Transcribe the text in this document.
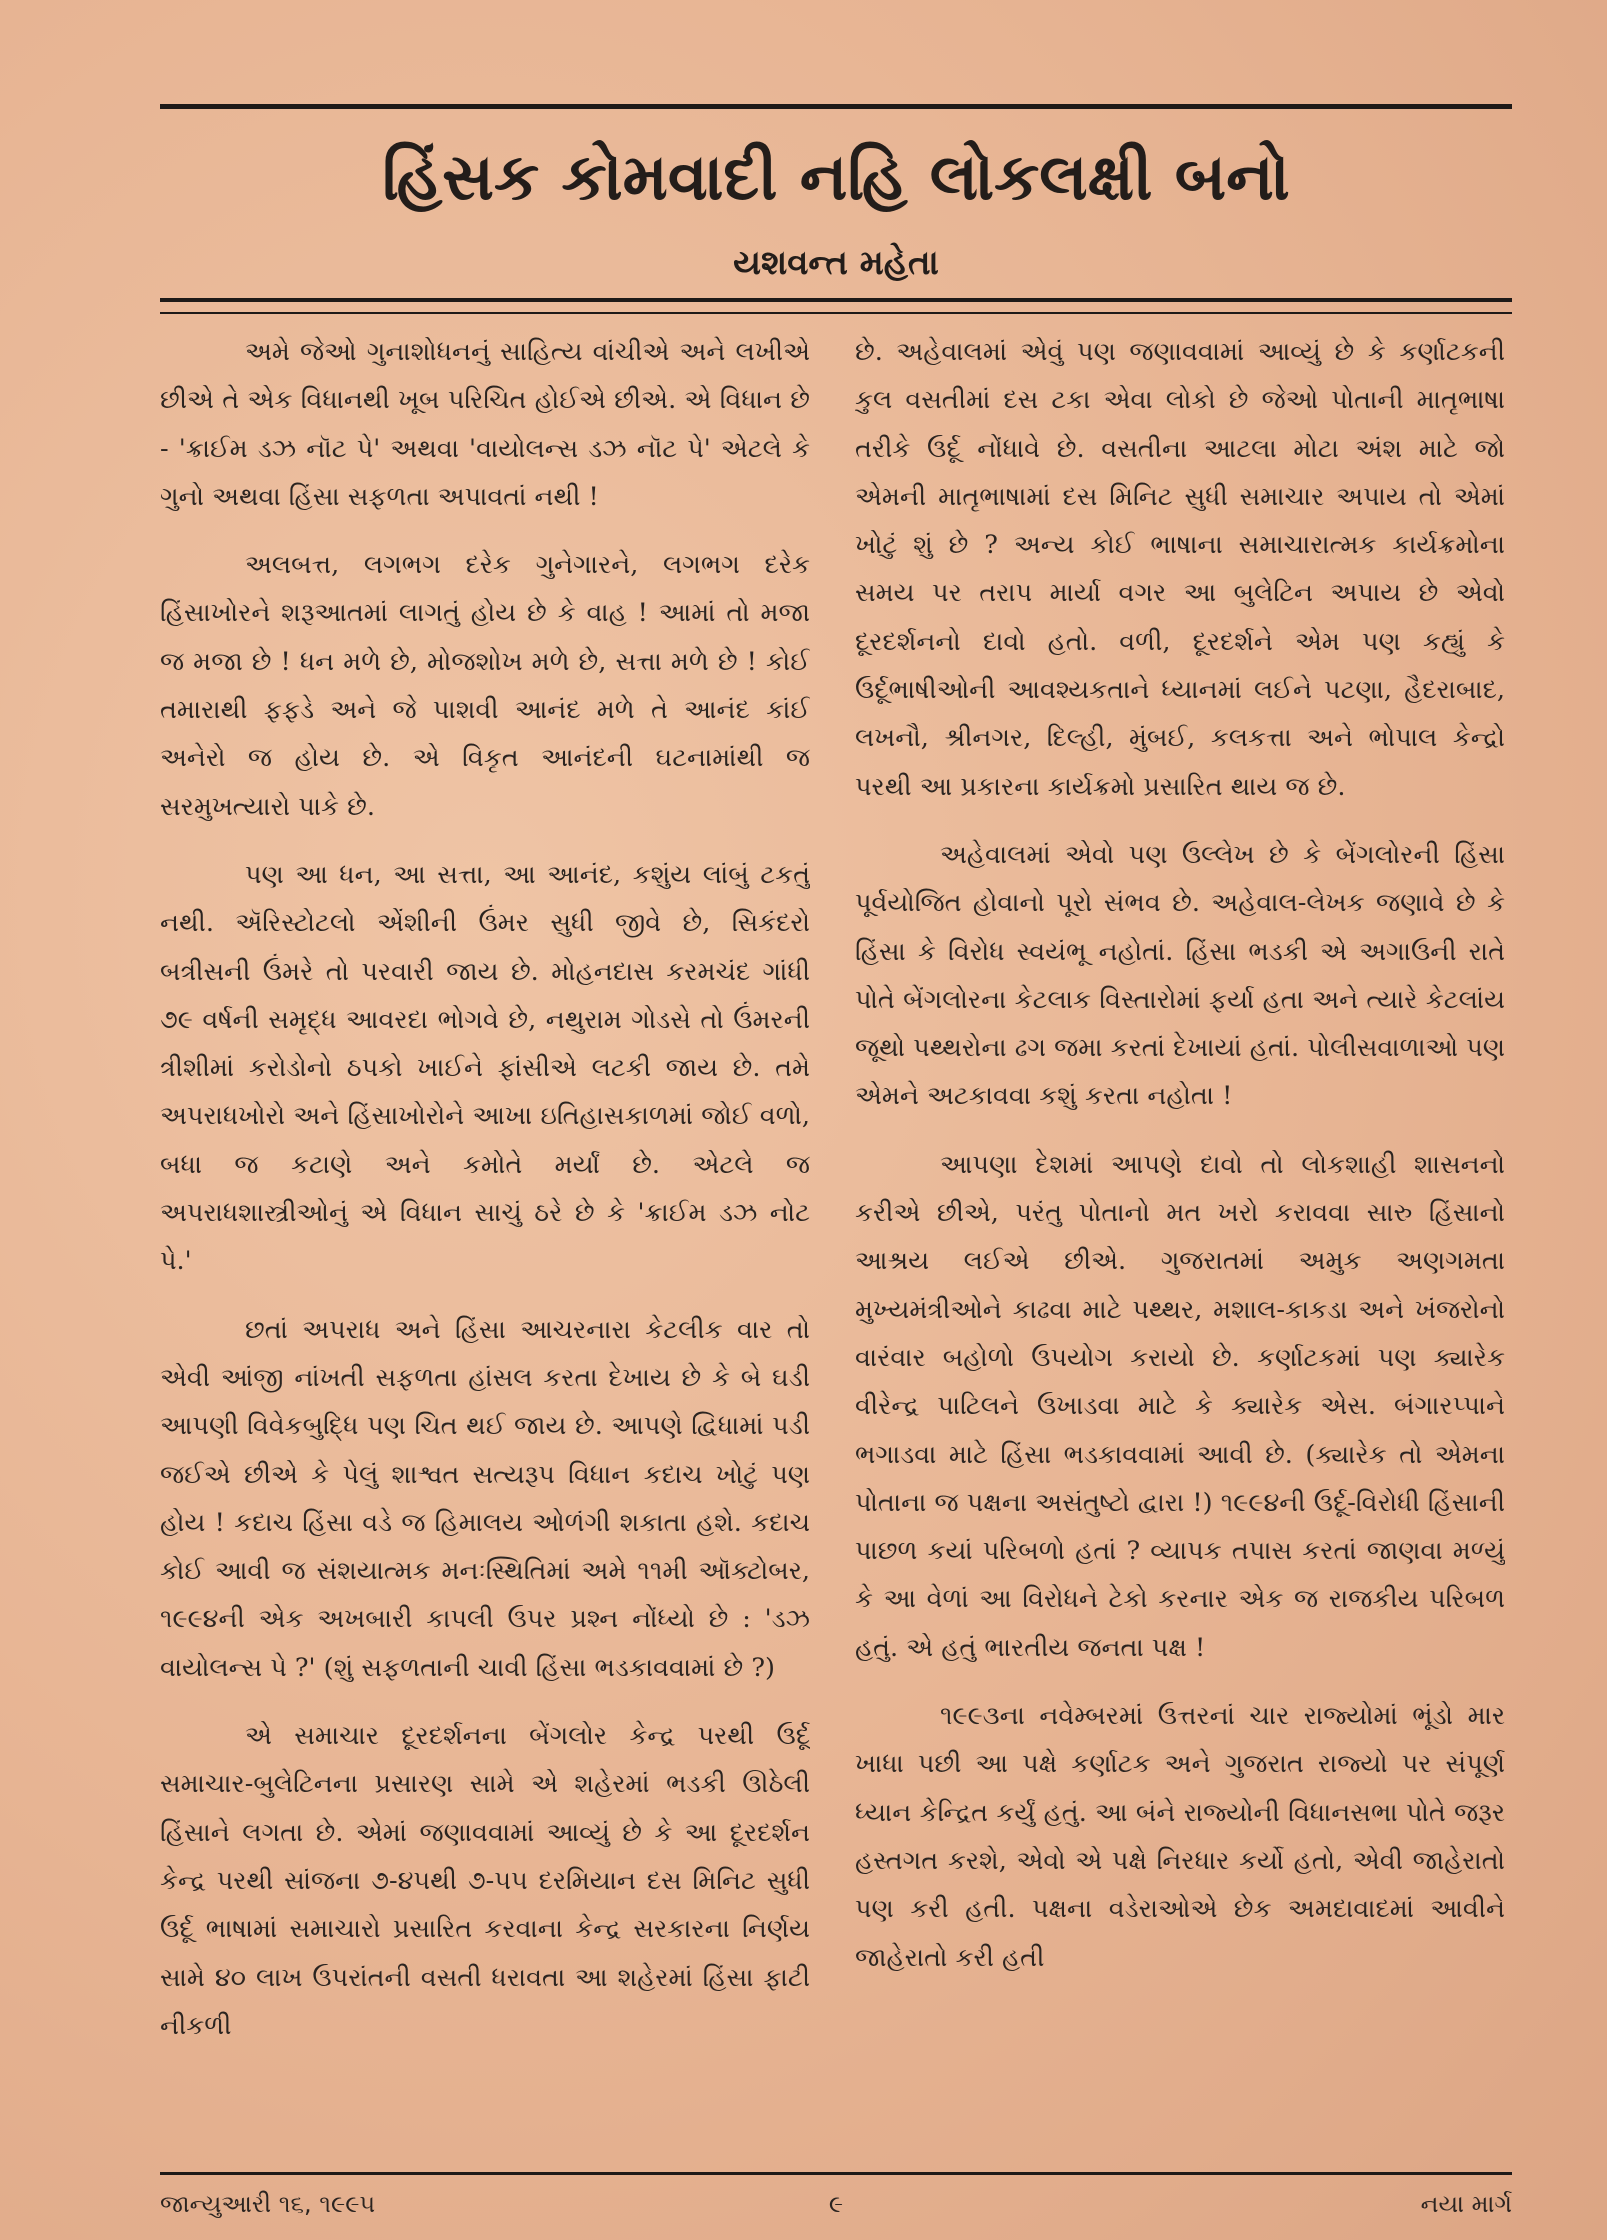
હિંસક કોમવાદી નહિ લોકલક્ષી બનો
યશવન્ત મહેતા

અમે જેઓ ગુનાશોધનનું સાહિત્ય વાંચીએ અને લખીએ છીએ તે એક વિધાનથી ખૂબ પરિચિત હોઈએ છીએ. એ વિધાન છે - 'ક્રાઈમ ડઝ નૉટ પે' અથવા 'વાયોલન્સ ડઝ નૉટ પે' એટલે કે ગુનો અથવા હિંસા સફળતા અપાવતાં નથી !

અલબત્ત, લગભગ દરેક ગુનેગારને, લગભગ દરેક હિંસાખોરને શરૂઆતમાં લાગતું હોય છે કે વાહ ! આમાં તો મજા જ મજા છે ! ધન મળે છે, મોજશોખ મળે છે, સત્તા મળે છે ! કોઈ તમારાથી ફફડે અને જે પાશવી આનંદ મળે તે આનંદ કાંઈ અનેરો જ હોય છે. એ વિકૃત આનંદની ઘટનામાંથી જ સરમુખત્યારો પાકે છે.

પણ આ ધન, આ સત્તા, આ આનંદ, કશુંય લાંબું ટકતું નથી. ઍરિસ્ટોટલો એંશીની ઉંમર સુધી જીવે છે, સિકંદરો બત્રીસની ઉંમરે તો પરવારી જાય છે. મોહનદાસ કરમચંદ ગાંધી ૭૯ વર્ષની સમૃદ્ધ આવરદા ભોગવે છે, નથુરામ ગોડસે તો ઉંમરની ત્રીશીમાં કરોડોનો ઠપકો ખાઈને ફાંસીએ લટકી જાય છે. તમે અપરાધખોરો અને હિંસાખોરોને આખા ઇતિહાસકાળમાં જોઈ વળો, બધા જ કટાણે અને કમોતે મર્યાં છે. એટલે જ અપરાધશાસ્ત્રીઓનું એ વિધાન સાચું ઠરે છે કે 'ક્રાઈમ ડઝ નોટ પે.'

છતાં અપરાધ અને હિંસા આચરનારા કેટલીક વાર તો એવી આંજી નાંખતી સફળતા હાંસલ કરતા દેખાય છે કે બે ઘડી આપણી વિવેકબુદ્ધિ પણ ચિત થઈ જાય છે. આપણે દ્વિધામાં પડી જઈએ છીએ કે પેલું શાશ્વત સત્યરૂપ વિધાન કદાચ ખોટું પણ હોય ! કદાચ હિંસા વડે જ હિમાલય ઓળંગી શકાતા હશે. કદાચ કોઈ આવી જ સંશયાત્મક મનઃસ્થિતિમાં અમે ૧૧મી ઑક્ટોબર, ૧૯૯૪ની એક અખબારી કાપલી ઉપર પ્રશ્ન નોંધ્યો છે : 'ડઝ વાયોલન્સ પે ?' (શું સફળતાની ચાવી હિંસા ભડકાવવામાં છે ?)

એ સમાચાર દૂરદર્શનના બેંગલોર કેન્દ્ર પરથી ઉર્દૂ સમાચાર-બુલેટિનના પ્રસારણ સામે એ શહેરમાં ભડકી ઊઠેલી હિંસાને લગતા છે. એમાં જણાવવામાં આવ્યું છે કે આ દૂરદર્શન કેન્દ્ર પરથી સાંજના ૭-૪૫થી ૭-૫૫ દરમિયાન દસ મિનિટ સુધી ઉર્દૂ ભાષામાં સમાચારો પ્રસારિત કરવાના કેન્દ્ર સરકારના નિર્ણય સામે ૪૦ લાખ ઉપરાંતની વસતી ધરાવતા આ શહેરમાં હિંસા ફાટી નીકળી

છે. અહેવાલમાં એવું પણ જણાવવામાં આવ્યું છે કે કર્ણાટકની કુલ વસતીમાં દસ ટકા એવા લોકો છે જેઓ પોતાની માતૃભાષા તરીકે ઉર્દૂ નોંધાવે છે. વસતીના આટલા મોટા અંશ માટે જો એમની માતૃભાષામાં દસ મિનિટ સુધી સમાચાર અપાય તો એમાં ખોટું શું છે ? અન્ય કોઈ ભાષાના સમાચારાત્મક કાર્યક્રમોના સમય પર તરાપ માર્યા વગર આ બુલેટિન અપાય છે એવો દૂરદર્શનનો દાવો હતો. વળી, દૂરદર્શને એમ પણ કહ્યું કે ઉર્દૂભાષીઓની આવશ્યકતાને ધ્યાનમાં લઈને પટણા, હૈદરાબાદ, લખનૌ, શ્રીનગર, દિલ્હી, મુંબઈ, કલકત્તા અને ભોપાલ કેન્દ્રો પરથી આ પ્રકારના કાર્યક્રમો પ્રસારિત થાય જ છે.

અહેવાલમાં એવો પણ ઉલ્લેખ છે કે બેંગલોરની હિંસા પૂર્વયોજિત હોવાનો પૂરો સંભવ છે. અહેવાલ-લેખક જણાવે છે કે હિંસા કે વિરોધ સ્વયંભૂ નહોતાં. હિંસા ભડકી એ અગાઉની રાતે પોતે બેંગલોરના કેટલાક વિસ્તારોમાં ફર્યા હતા અને ત્યારે કેટલાંય જૂથો પથ્થરોના ઢગ જમા કરતાં દેખાયાં હતાં. પોલીસવાળાઓ પણ એમને અટકાવવા કશું કરતા નહોતા !

આપણા દેશમાં આપણે દાવો તો લોકશાહી શાસનનો કરીએ છીએ, પરંતુ પોતાનો મત ખરો કરાવવા સારુ હિંસાનો આશ્રય લઈએ છીએ. ગુજરાતમાં અમુક અણગમતા મુખ્યમંત્રીઓને કાઢવા માટે પથ્થર, મશાલ-કાકડા અને ખંજરોનો વારંવાર બહોળો ઉપયોગ કરાયો છે. કર્ણાટકમાં પણ ક્યારેક વીરેન્દ્ર પાટિલને ઉખાડવા માટે કે ક્યારેક એસ. બંગારપ્પાને ભગાડવા માટે હિંસા ભડકાવવામાં આવી છે. (ક્યારેક તો એમના પોતાના જ પક્ષના અસંતુષ્ટો દ્વારા !) ૧૯૯૪ની ઉર્દૂ-વિરોધી હિંસાની પાછળ કયાં પરિબળો હતાં ? વ્યાપક તપાસ કરતાં જાણવા મળ્યું કે આ વેળાં આ વિરોધને ટેકો કરનાર એક જ રાજકીય પરિબળ હતું. એ હતું ભારતીય જનતા પક્ષ !

૧૯૯૩ના નવેમ્બરમાં ઉત્તરનાં ચાર રાજ્યોમાં ભૂંડો માર ખાધા પછી આ પક્ષે કર્ણાટક અને ગુજરાત રાજ્યો પર સંપૂર્ણ ધ્યાન કેન્દ્રિત કર્યું હતું. આ બંને રાજ્યોની વિધાનસભા પોતે જરૂર હસ્તગત કરશે, એવો એ પક્ષે નિરધાર કર્યો હતો, એવી જાહેરાતો પણ કરી હતી. પક્ષના વડેરાઓએ છેક અમદાવાદમાં આવીને જાહેરાતો કરી હતી

જાન્યુઆરી ૧૬, ૧૯૯૫	૯	નયા માર્ગ
